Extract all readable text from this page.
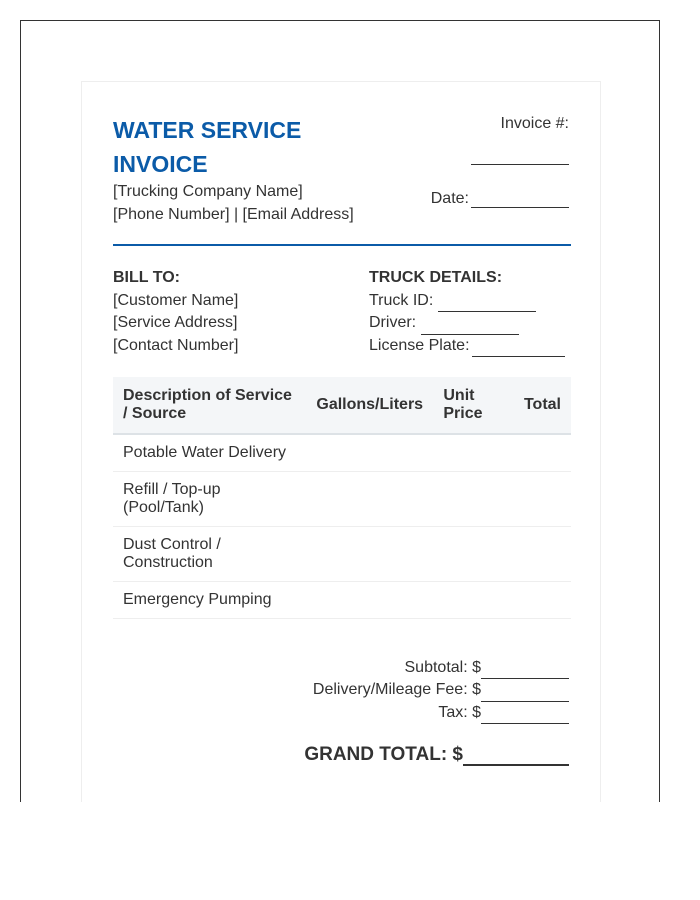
WATER SERVICE INVOICE
[Trucking Company Name]
[Phone Number] | [Email Address]
Invoice #:
Date:
BILL TO:
[Customer Name]
[Service Address]
[Contact Number]
TRUCK DETAILS:
Truck ID:
Driver:
License Plate:
Description of Service / Source	Gallons/Liters	Unit Price	Total
Potable Water Delivery			
Refill / Top-up (Pool/Tank)			
Dust Control / Construction			
Emergency Pumping			
Subtotal: $
Delivery/Mileage Fee: $
Tax: $
GRAND TOTAL: $
